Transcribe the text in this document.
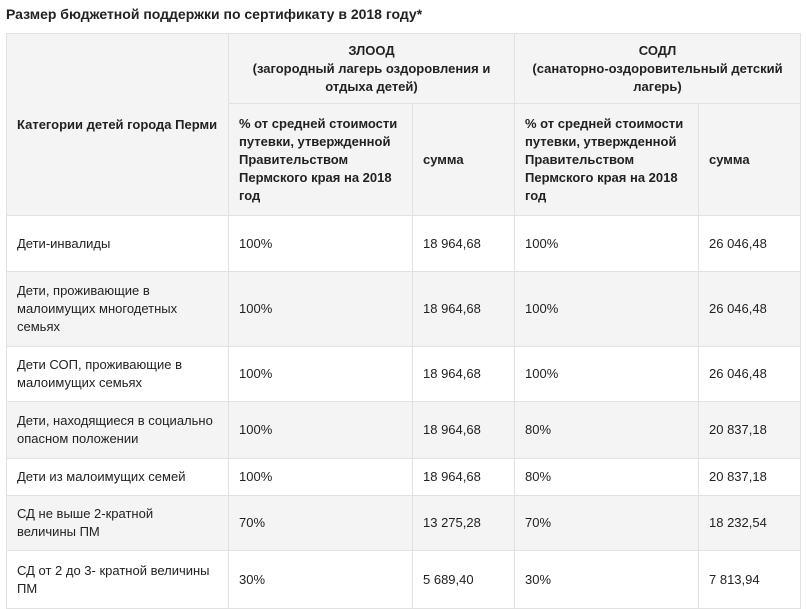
Размер бюджетной поддержки по сертификату в 2018 году*
Категории детей города Перми	ЗЛООД
(загородный лагерь оздоровления и
отдыха детей)		СОДЛ
(санаторно-оздоровительный детский
лагерь)	

	% от средней стоимости
путевки, утвержденной
Правительством
Пермского края на 2018
год	сумма	% от средней стоимости
путевки, утвержденной
Правительством
Пермского края на 2018
год	сумма

Дети-инвалиды	100%	18 964,68	100%	26 046,48

Дети, проживающие в
малоимущих многодетных
семьях	100%	18 964,68	100%	26 046,48

Дети СОП, проживающие в
малоимущих семьях	100%	18 964,68	100%	26 046,48

Дети, находящиеся в социально
опасном положении	100%	18 964,68	80%	20 837,18

Дети из малоимущих семей	100%	18 964,68	80%	20 837,18

СД не выше 2-кратной
величины ПМ	70%	13 275,28	70%	18 232,54

СД от 2 до 3- кратной величины
ПМ	30%	5 689,40	30%	7 813,94
